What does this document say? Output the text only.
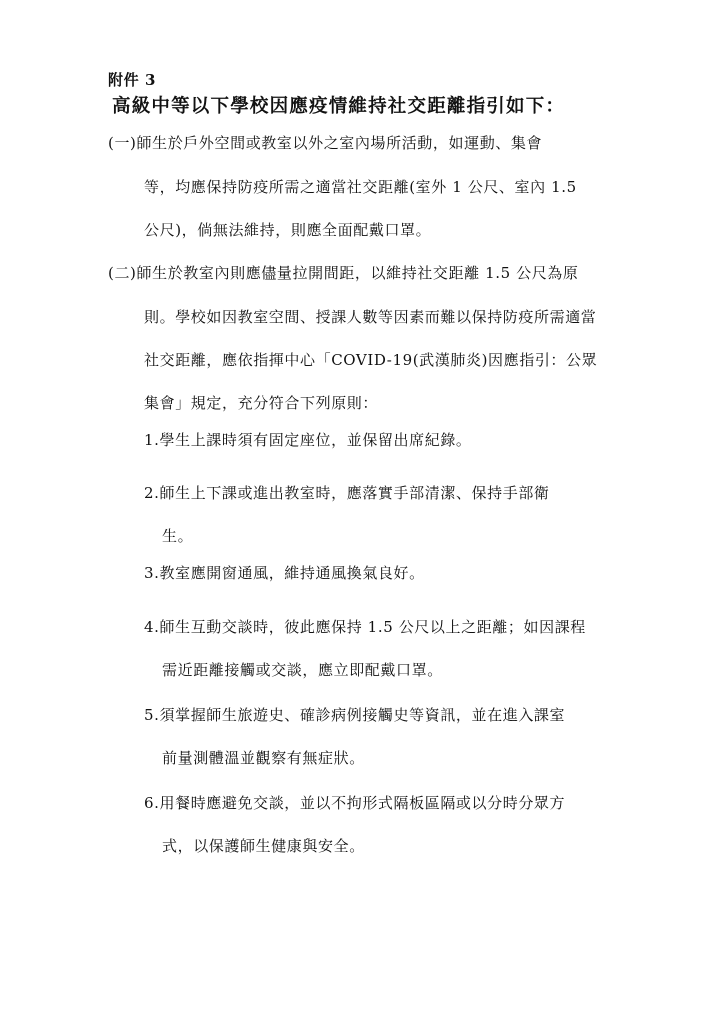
附件 3
高級中等以下學校因應疫情維持社交距離指引如下：
(一)師生於戶外空間或教室以外之室內場所活動，如運動、集會
等，均應保持防疫所需之適當社交距離(室外 1 公尺、室內 1.5
公尺)，倘無法維持，則應全面配戴口罩。
(二)師生於教室內則應儘量拉開間距，以維持社交距離 1.5 公尺為原
則。學校如因教室空間、授課人數等因素而難以保持防疫所需適當
社交距離，應依指揮中心「COVID-19(武漢肺炎)因應指引：公眾
集會」規定，充分符合下列原則：
1.學生上課時須有固定座位，並保留出席紀錄。
2.師生上下課或進出教室時，應落實手部清潔、保持手部衛
生。
3.教室應開窗通風，維持通風換氣良好。
4.師生互動交談時，彼此應保持 1.5 公尺以上之距離；如因課程
需近距離接觸或交談，應立即配戴口罩。
5.須掌握師生旅遊史、確診病例接觸史等資訊，並在進入課室
前量測體溫並觀察有無症狀。
6.用餐時應避免交談，並以不拘形式隔板區隔或以分時分眾方
式，以保護師生健康與安全。
